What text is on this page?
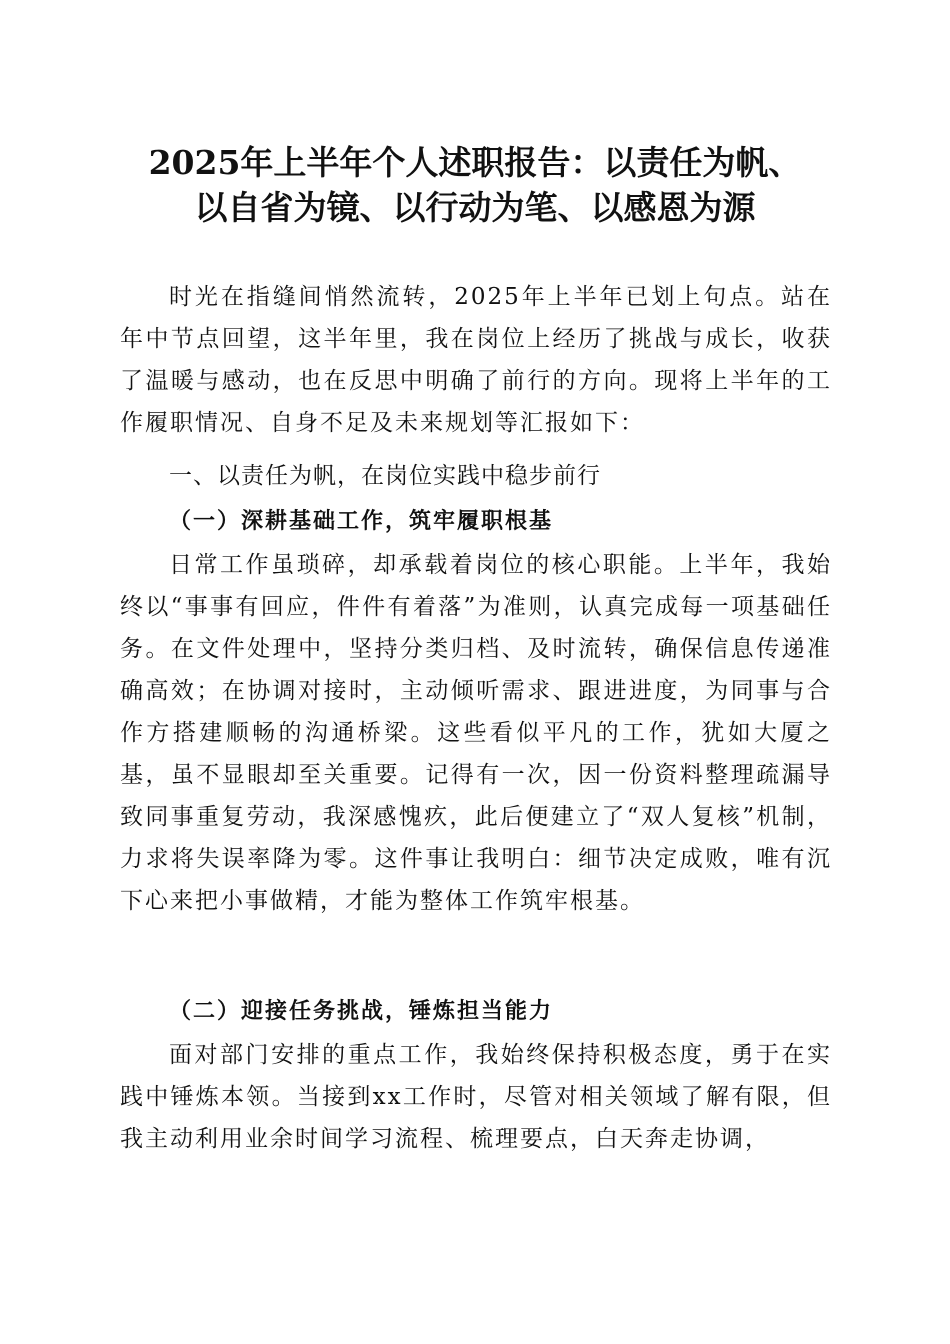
2025年上半年个人述职报告：以责任为帆、
以自省为镜、以行动为笔、以感恩为源
时光在指缝间悄然流转，2025年上半年已划上句点。站在年中节点回望，这半年里，我在岗位上经历了挑战与成长，收获了温暖与感动，也在反思中明确了前行的方向。现将上半年的工作履职情况、自身不足及未来规划等汇报如下：
一、以责任为帆，在岗位实践中稳步前行
（一）深耕基础工作，筑牢履职根基
日常工作虽琐碎，却承载着岗位的核心职能。上半年，我始终以“事事有回应，件件有着落”为准则，认真完成每一项基础任务。在文件处理中，坚持分类归档、及时流转，确保信息传递准确高效；在协调对接时，主动倾听需求、跟进进度，为同事与合作方搭建顺畅的沟通桥梁。这些看似平凡的工作，犹如大厦之基，虽不显眼却至关重要。记得有一次，因一份资料整理疏漏导致同事重复劳动，我深感愧疚，此后便建立了“双人复核”机制，力求将失误率降为零。这件事让我明白：细节决定成败，唯有沉下心来把小事做精，才能为整体工作筑牢根基。
（二）迎接任务挑战，锤炼担当能力
面对部门安排的重点工作，我始终保持积极态度，勇于在实践中锤炼本领。当接到xx工作时，尽管对相关领域了解有限，但我主动利用业余时间学习流程、梳理要点，白天奔走协调，
